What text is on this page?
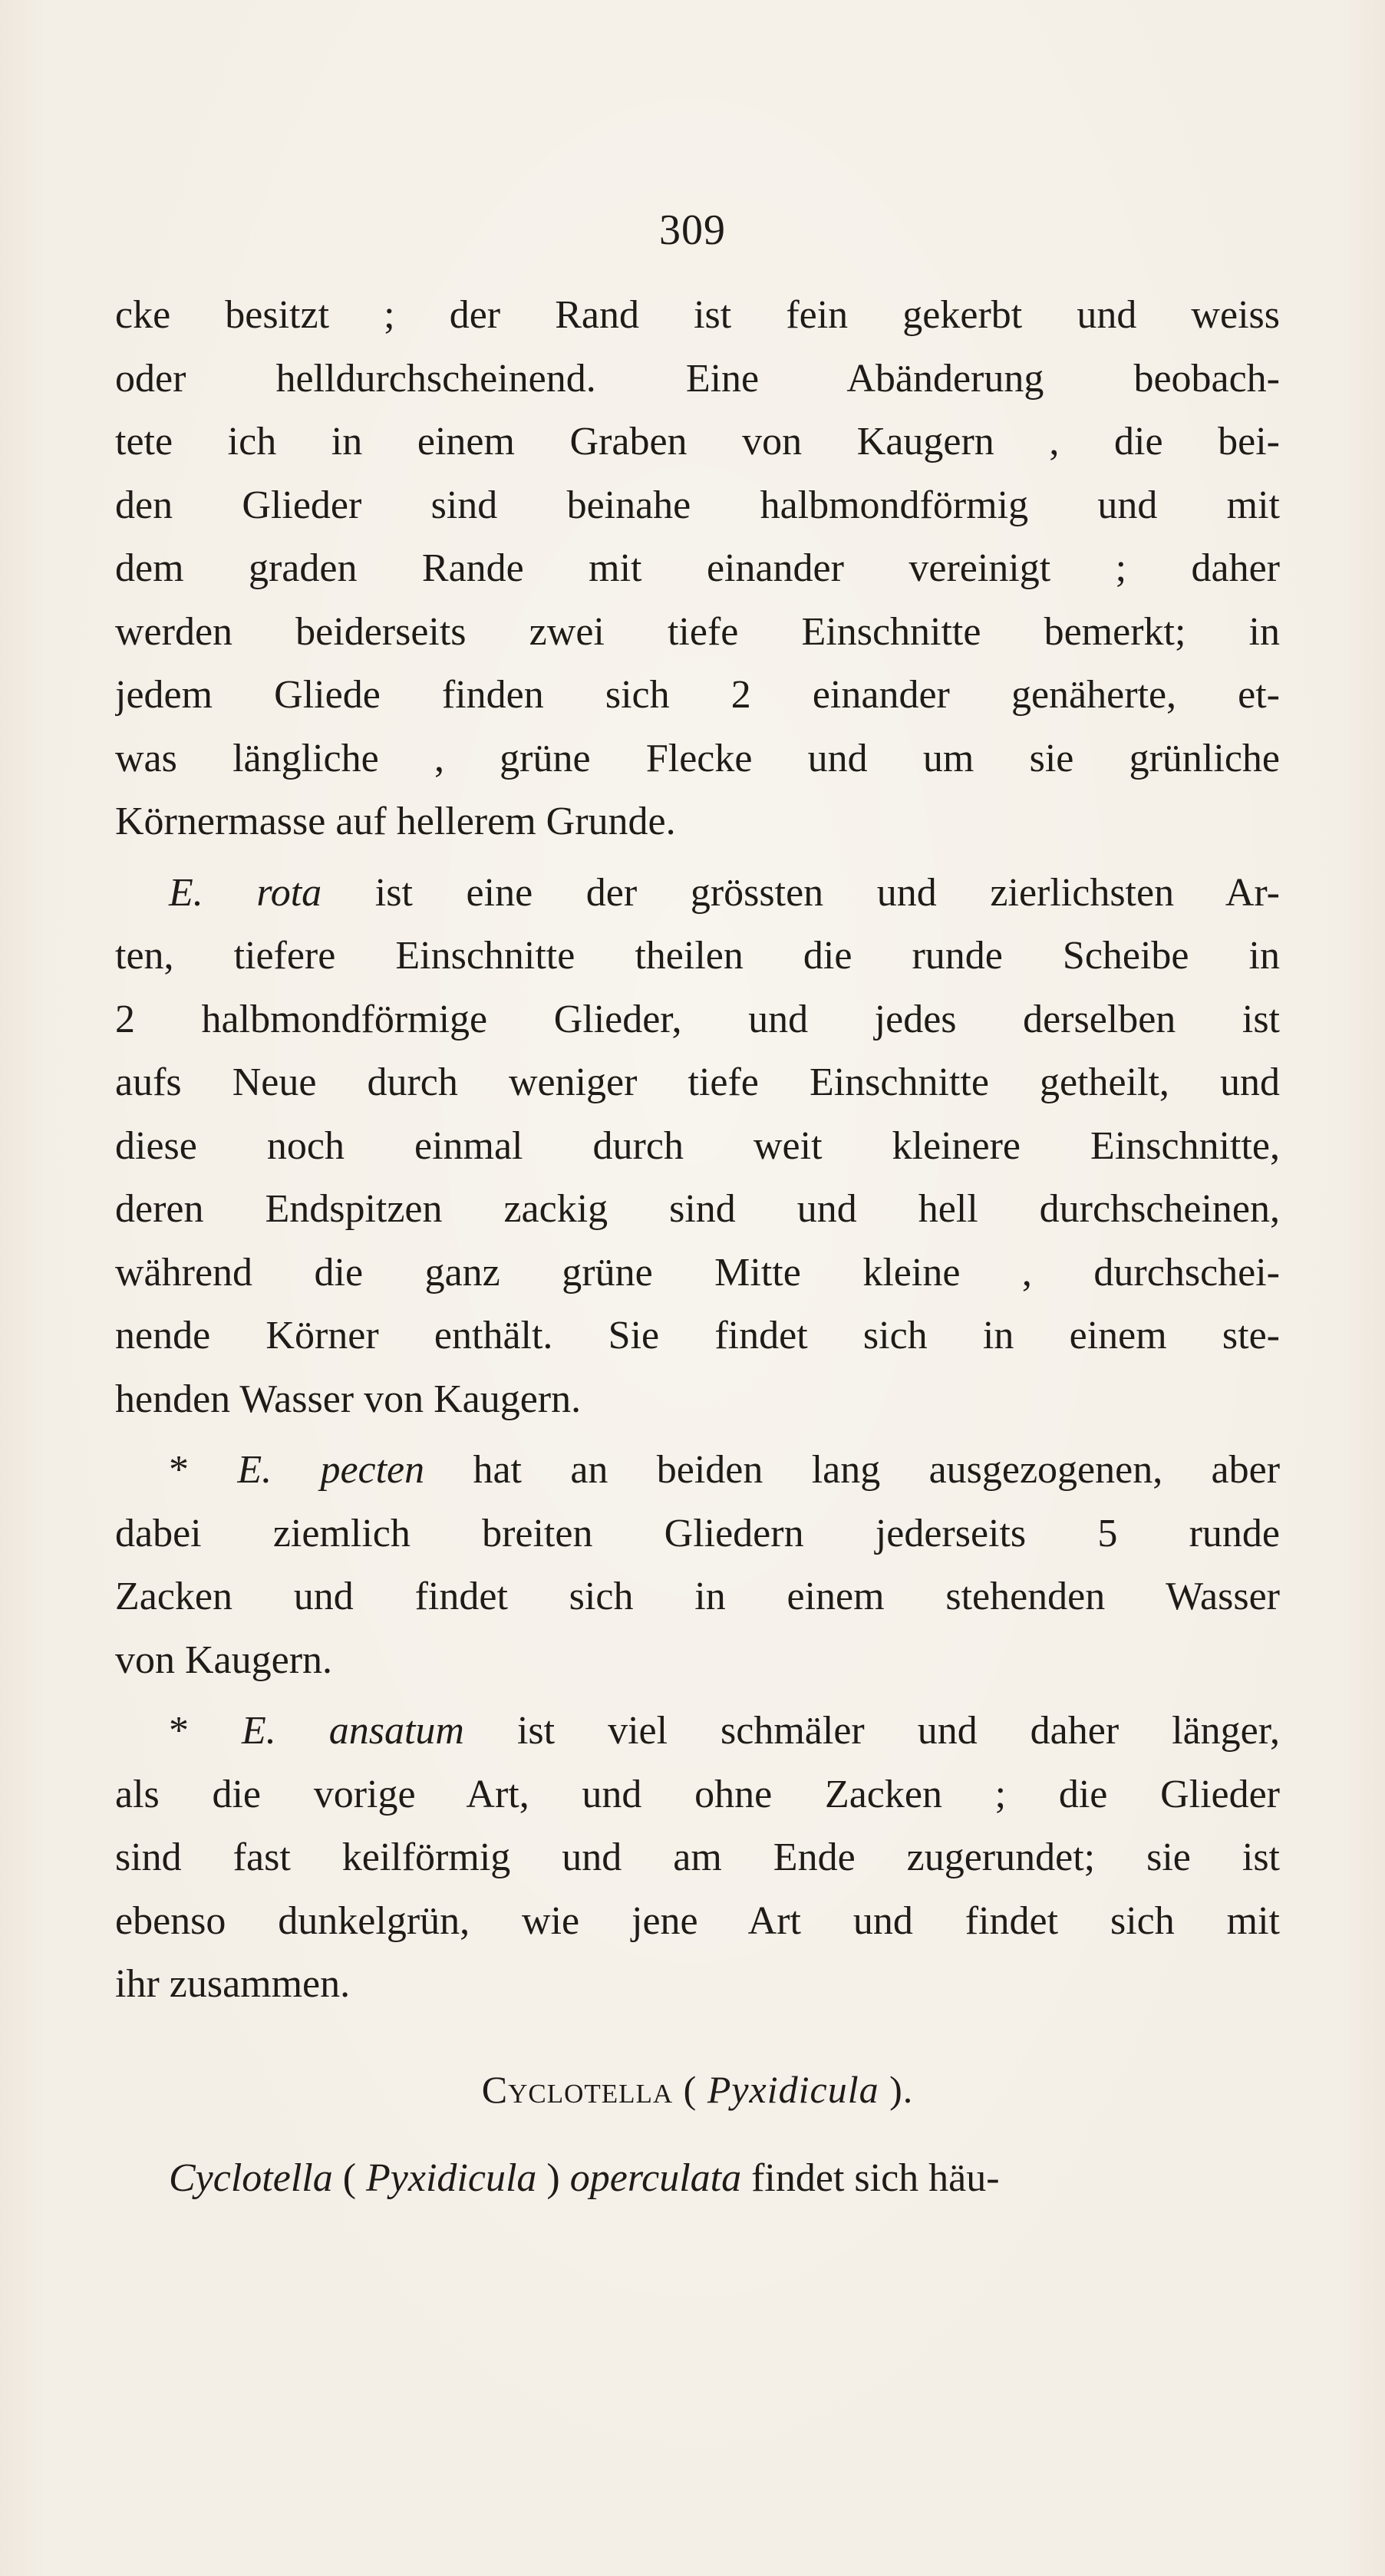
309
cke besitzt ; der Rand ist fein gekerbt und weiss
oder helldurchscheinend. Eine Abänderung beobach-
tete ich in einem Graben von Kaugern , die bei-
den Glieder sind beinahe halbmondförmig und mit
dem graden Rande mit einander vereinigt ; daher
werden beiderseits zwei tiefe Einschnitte bemerkt; in
jedem Gliede finden sich 2 einander genäherte, et-
was längliche , grüne Flecke und um sie grünliche
Körnermasse auf hellerem Grunde.
E. rota ist eine der grössten und zierlichsten Ar-
ten, tiefere Einschnitte theilen die runde Scheibe in
2 halbmondförmige Glieder, und jedes derselben ist
aufs Neue durch weniger tiefe Einschnitte getheilt, und
diese noch einmal durch weit kleinere Einschnitte,
deren Endspitzen zackig sind und hell durchscheinen,
während die ganz grüne Mitte kleine , durchschei-
nende Körner enthält. Sie findet sich in einem ste-
henden Wasser von Kaugern.
* E. pecten hat an beiden lang ausgezogenen, aber
dabei ziemlich breiten Gliedern jederseits 5 runde
Zacken und findet sich in einem stehenden Wasser
von Kaugern.
* E. ansatum ist viel schmäler und daher länger,
als die vorige Art, und ohne Zacken ; die Glieder
sind fast keilförmig und am Ende zugerundet; sie ist
ebenso dunkelgrün, wie jene Art und findet sich mit
ihr zusammen.
Cyclotella ( Pyxidicula ).
Cyclotella ( Pyxidicula ) operculata findet sich häu-
